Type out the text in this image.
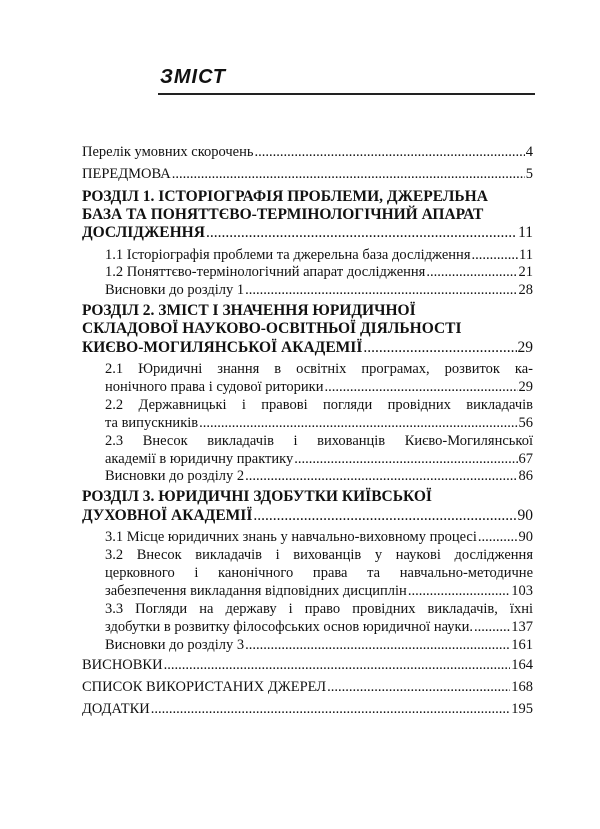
ЗМІСТ
Перелік умовних скорочень .....	4
ПЕРЕДМОВА .....	5
РОЗДІЛ 1. ІСТОРІОГРАФІЯ ПРОБЛЕМИ, ДЖЕРЕЛЬНА
БАЗА ТА ПОНЯТТЄВО-ТЕРМІНОЛОГІЧНИЙ АПАРАТ
ДОСЛІДЖЕННЯ .....	11
1.1 Історіографія проблеми та джерельна база дослідження .....	11
1.2 Поняттєво-термінологічний апарат дослідження .....	21
Висновки до розділу 1 .....	28
РОЗДІЛ 2. ЗМІСТ І ЗНАЧЕННЯ ЮРИДИЧНОЇ
СКЛАДОВОЇ НАУКОВО-ОСВІТНЬОЇ ДІЯЛЬНОСТІ
КИЄВО-МОГИЛЯНСЬКОЇ АКАДЕМІЇ .....	29
2.1 Юридичні знання в освітніх програмах, розвиток ка-
нонічного права і судової риторики .....	29
2.2 Державницькі і правові погляди провідних викладачів
та випускників .....	56
2.3 Внесок викладачів і вихованців Києво-Могилянської
академії в юридичну практику .....	67
Висновки до розділу 2 .....	86
РОЗДІЛ 3. ЮРИДИЧНІ ЗДОБУТКИ КИЇВСЬКОЇ
ДУХОВНОЇ АКАДЕМІЇ .....	90
3.1 Місце юридичних знань у навчально-виховному процесі .....	90
3.2 Внесок викладачів і вихованців у наукові дослідження
церковного і канонічного права та навчально-методичне
забезпечення викладання відповідних дисциплін .....	103
3.3 Погляди на державу і право провідних викладачів, їхні
здобутки в розвитку філософських основ юридичної науки. .....	137
Висновки до розділу 3 .....	161
ВИСНОВКИ .....	164
СПИСОК ВИКОРИСТАНИХ ДЖЕРЕЛ .....	168
ДОДАТКИ .....	195
